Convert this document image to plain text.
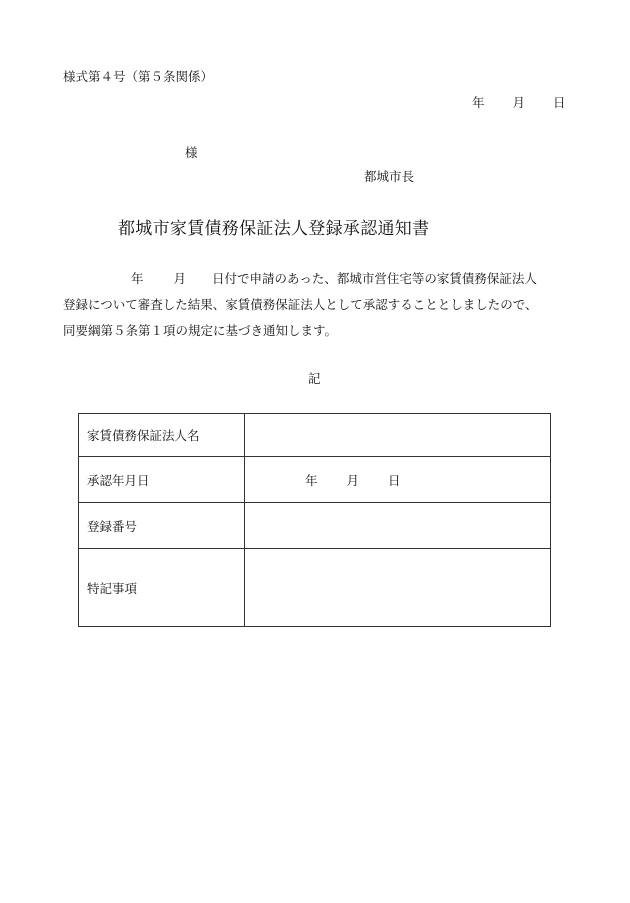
様式第４号（第５条関係）
年 月 日
様
都城市長
都城市家賃債務保証法人登録承認通知書
年 月 日付で申請のあった、都城市営住宅等の家賃債務保証法人
登録について審査した結果、家賃債務保証法人として承認することとしましたので、
同要綱第５条第１項の規定に基づき通知します。
記
家賃債務保証法人名	
承認年月日	年 月 日
登録番号	
特記事項	
